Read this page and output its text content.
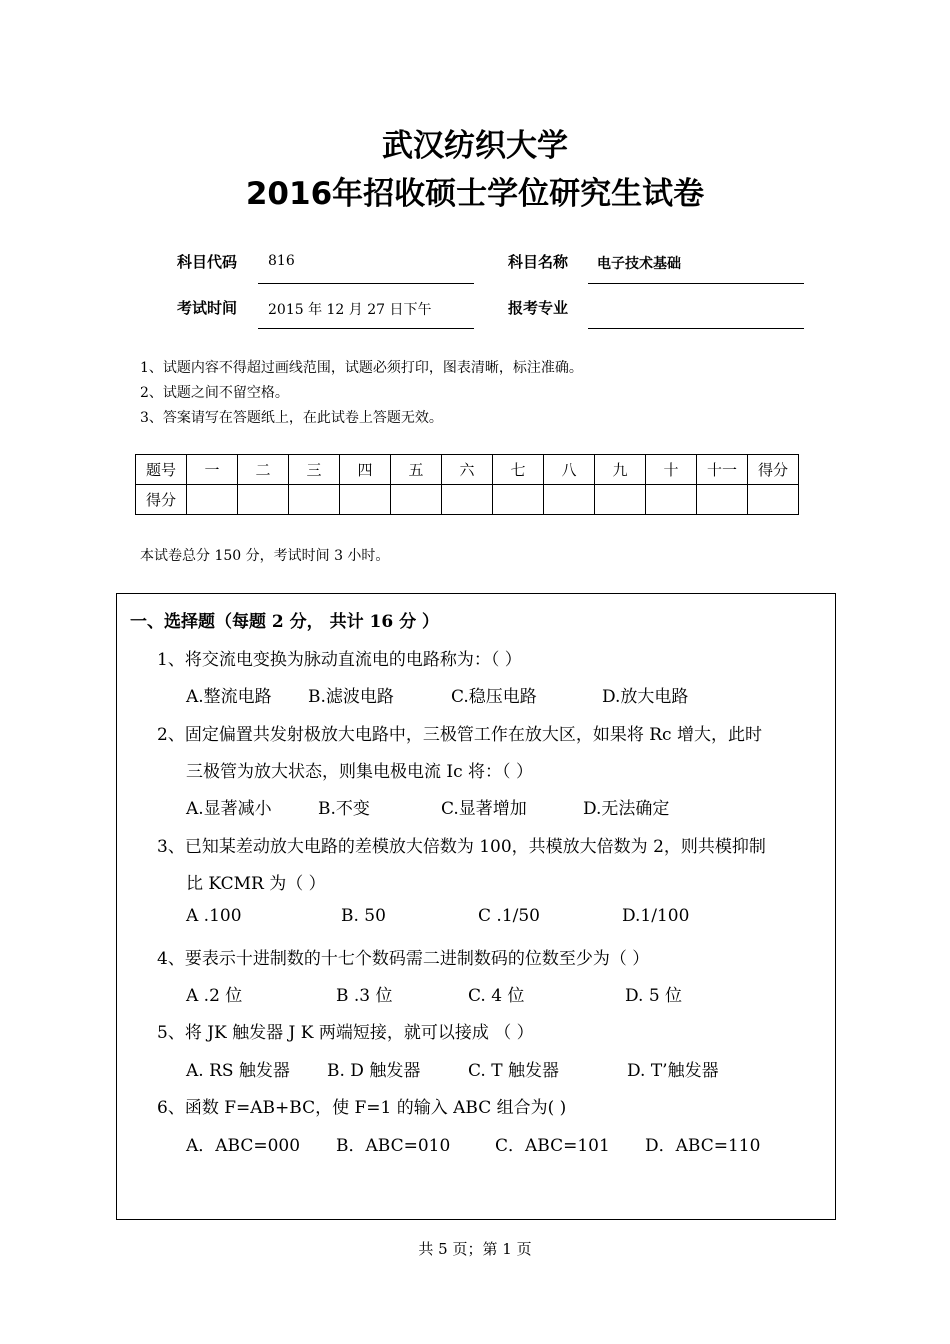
武汉纺织大学
2016年招收硕士学位研究生试卷
科目代码 816	科目名称 电子技术基础
考试时间 2015 年 12 月 27 日下午	报考专业
1、试题内容不得超过画线范围，试题必须打印，图表清晰，标注准确。
2、试题之间不留空格。
3、答案请写在答题纸上，在此试卷上答题无效。
题号	一	二	三	四	五	六	七	八	九	十	十一	得分
得分												
本试卷总分 150 分，考试时间 3 小时。
一、选择题（每题 2 分， 共计 16 分 ）
1、将交流电变换为脉动直流电的电路称为：（ ）
A.整流电路 B.滤波电路	C.稳压电路	D.放大电路
2、固定偏置共发射极放大电路中，三极管工作在放大区，如果将 Rc 增大，此时
三极管为放大状态，则集电极电流 Ic 将：（ ）
A.显著减小	B.不变	C.显著增加	D.无法确定
3、已知某差动放大电路的差模放大倍数为 100，共模放大倍数为 2，则共模抑制
比 KCMR 为（ ）
A .100	B. 50	C .1/50	D.1/100
4、要表示十进制数的十七个数码需二进制数码的位数至少为（ ）
A .2 位	B .3 位	C. 4 位	D. 5 位
5、将 JK 触发器 J K 两端短接，就可以接成 （ ）
A. RS 触发器 B. D 触发器	C. T 触发器	D. T’触发器
6、函数 F=AB+BC，使 F=1 的输入 ABC 组合为( )
A．ABC=000 B．ABC=010	C．ABC=101 D．ABC=110
共 5 页；第 1 页
